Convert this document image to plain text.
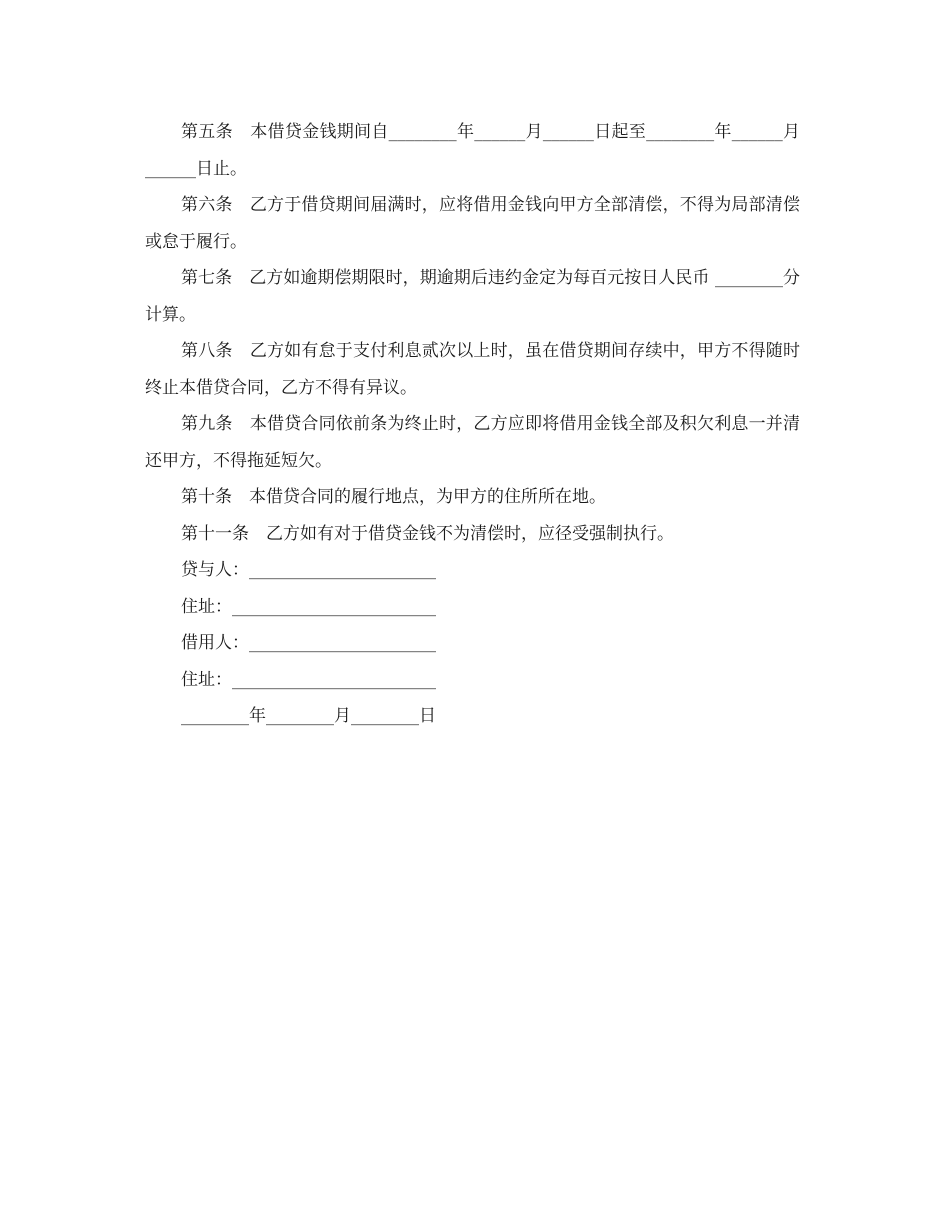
第五条　 本借贷金钱期间自________年______月______日起至________年______月______日止。

第六条　 乙方于借贷期间届满时，应将借用金钱向甲方全部清偿，不得为局部清偿或怠于履行。

第七条　 乙方如逾期偿期限时，期逾期后违约金定为每百元按日人民币 ________分计算。

第八条　 乙方如有怠于支付利息贰次以上时，虽在借贷期间存续中，甲方不得随时终止本借贷合同，乙方不得有异议。

第九条　 本借贷合同依前条为终止时，乙方应即将借用金钱全部及积欠利息一并清还甲方，不得拖延短欠。

第十条　 本借贷合同的履行地点，为甲方的住所所在地。

第十一条　 乙方如有对于借贷金钱不为清偿时，应径受强制执行。

贷与人：______________________

住址：________________________

借用人：______________________

住址：________________________

________年________月________日
